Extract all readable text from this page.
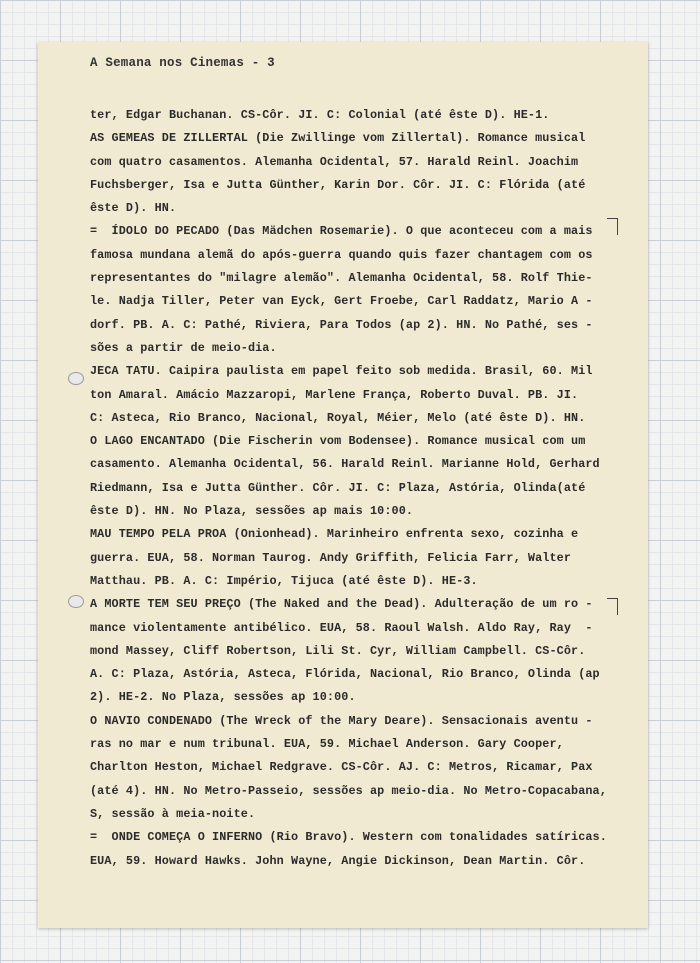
A Semana nos Cinemas - 3
ter, Edgar Buchanan. CS-Côr. JI. C: Colonial (até êste D). HE-1.
AS GEMEAS DE ZILLERTAL (Die Zwillinge vom Zillertal). Romance musical
com quatro casamentos. Alemanha Ocidental, 57. Harald Reinl. Joachim
Fuchsberger, Isa e Jutta Günther, Karin Dor. Côr. JI. C: Flórida (até
êste D). HN.
=  ÍDOLO DO PECADO (Das Mädchen Rosemarie). O que aconteceu com a mais
famosa mundana alemã do após-guerra quando quis fazer chantagem com os
representantes do "milagre alemão". Alemanha Ocidental, 58. Rolf Thie-
le. Nadja Tiller, Peter van Eyck, Gert Froebe, Carl Raddatz, Mario A -
dorf. PB. A. C: Pathé, Riviera, Para Todos (ap 2). HN. No Pathé, ses -
sões a partir de meio-dia.
JECA TATU. Caipira paulista em papel feito sob medida. Brasil, 60. Mil
ton Amaral. Amácio Mazzaropi, Marlene França, Roberto Duval. PB. JI.
C: Asteca, Rio Branco, Nacional, Royal, Méier, Melo (até êste D). HN.
O LAGO ENCANTADO (Die Fischerin vom Bodensee). Romance musical com um
casamento. Alemanha Ocidental, 56. Harald Reinl. Marianne Hold, Gerhard
Riedmann, Isa e Jutta Günther. Côr. JI. C: Plaza, Astória, Olinda(até
êste D). HN. No Plaza, sessões ap mais 10:00.
MAU TEMPO PELA PROA (Onionhead). Marinheiro enfrenta sexo, cozinha e
guerra. EUA, 58. Norman Taurog. Andy Griffith, Felicia Farr, Walter
Matthau. PB. A. C: Império, Tijuca (até êste D). HE-3.
A MORTE TEM SEU PREÇO (The Naked and the Dead). Adulteração de um ro -
mance violentamente antibélico. EUA, 58. Raoul Walsh. Aldo Ray, Ray  -
mond Massey, Cliff Robertson, Lili St. Cyr, William Campbell. CS-Côr.
A. C: Plaza, Astória, Asteca, Flórida, Nacional, Rio Branco, Olinda (ap
2). HE-2. No Plaza, sessões ap 10:00.
O NAVIO CONDENADO (The Wreck of the Mary Deare). Sensacionais aventu -
ras no mar e num tribunal. EUA, 59. Michael Anderson. Gary Cooper,
Charlton Heston, Michael Redgrave. CS-Côr. AJ. C: Metros, Ricamar, Pax
(até 4). HN. No Metro-Passeio, sessões ap meio-dia. No Metro-Copacabana,
S, sessão à meia-noite.
=  ONDE COMEÇA O INFERNO (Rio Bravo). Western com tonalidades satíricas.
EUA, 59. Howard Hawks. John Wayne, Angie Dickinson, Dean Martin. Côr.
